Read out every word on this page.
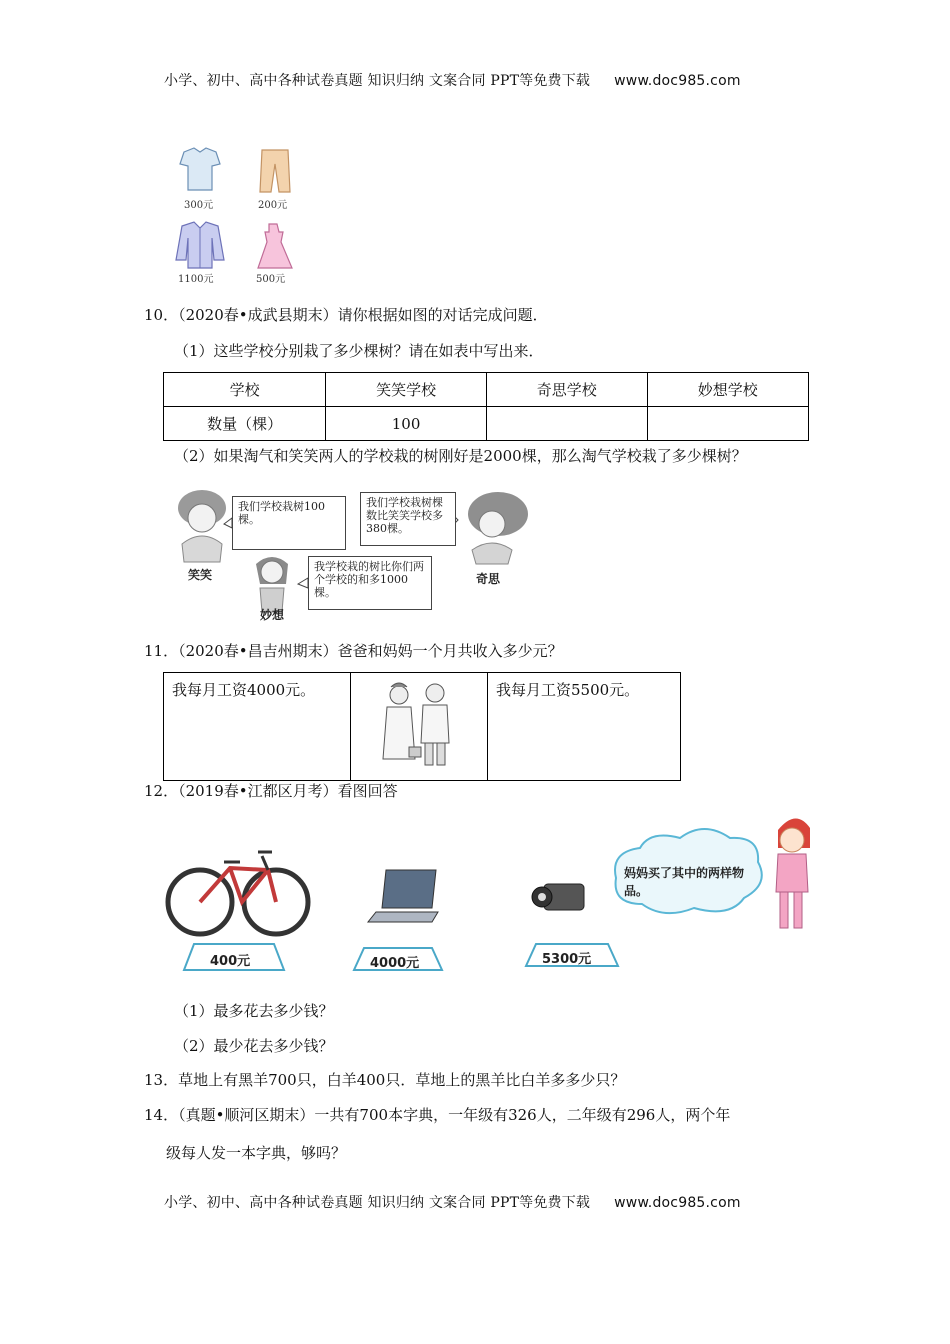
小学、初中、高中各种试卷真题 知识归纳 文案合同 PPT等免费下载 www.doc985.com
300元	200元
1100元	500元
10．（2020春•成武县期末）请你根据如图的对话完成问题．
（1）这些学校分别栽了多少棵树？请在如表中写出来．
学校	笑笑学校	奇思学校	妙想学校
数量（棵）	100		
（2）如果淘气和笑笑两人的学校栽的树刚好是2000棵，那么淘气学校栽了多少棵树？
我们学校栽树100棵。
我们学校栽树棵数比笑笑学校多380棵。
我学校栽的树比你们两个学校的和多1000棵。
笑笑	奇思
妙想
11．（2020春•昌吉州期末）爸爸和妈妈一个月共收入多少元？
我每月工资4000元。		我每月工资5500元。
12．（2019春•江都区月考）看图回答
400元	4000元	5300元
妈妈买了其中的两样物品。
（1）最多花去多少钱？
（2）最少花去多少钱？
13．草地上有黑羊700只，白羊400只．草地上的黑羊比白羊多多少只？
14．（真题•顺河区期末）一共有700本字典，一年级有326人，二年级有296人，两个年
级每人发一本字典，够吗？
小学、初中、高中各种试卷真题 知识归纳 文案合同 PPT等免费下载 www.doc985.com
